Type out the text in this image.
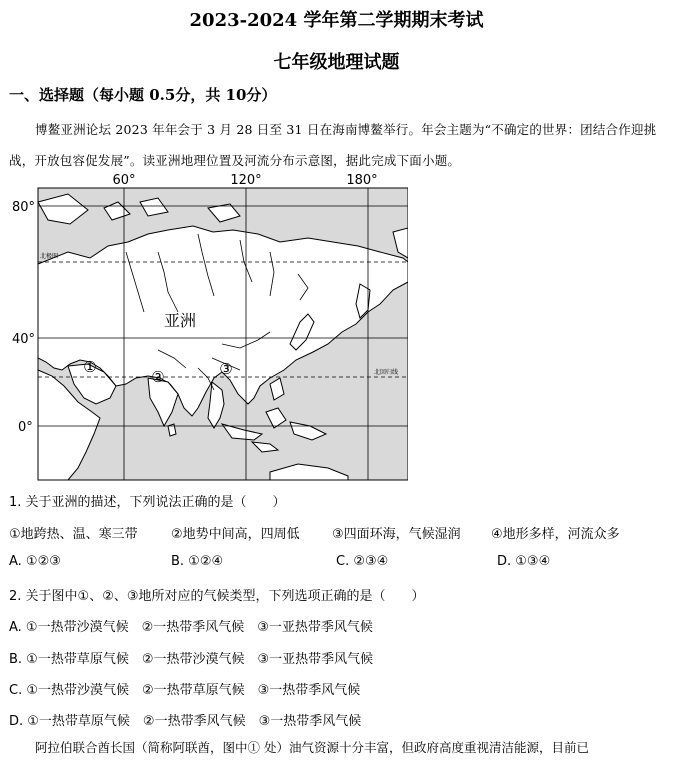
2023-2024 学年第二学期期末考试
七年级地理试题
一、选择题（每小题 0.5分，共 10分）
博鳌亚洲论坛 2023 年年会于 3 月 28 日至 31 日在海南博鳌举行。年会主题为“不确定的世界：团结合作迎挑战，开放包容促发展”。读亚洲地理位置及河流分布示意图，据此完成下面小题。
60°	120°	180°
80°
40°
0°
北极圈
北回归线
亚洲
①
②	③
1. 关于亚洲的描述，下列说法正确的是（　　）
①地跨热、温、寒三带	②地势中间高，四周低 ③四面环海，气候湿润 ④地形多样，河流众多
A. ①②③	B. ①②④	C. ②③④	D. ①③④
2. 关于图中①、②、③地所对应的气候类型，下列选项正确的是（　　）
A. ①一热带沙漠气候　②一热带季风气候　③一亚热带季风气候
B. ①一热带草原气候　②一热带沙漠气候　③一亚热带季风气候
C. ①一热带沙漠气候　②一热带草原气候　③一热带季风气候
D. ①一热带草原气候　②一热带季风气候　③一热带季风气候
阿拉伯联合酋长国（简称阿联酋，图中① 处）油气资源十分丰富，但政府高度重视清洁能源，目前已
